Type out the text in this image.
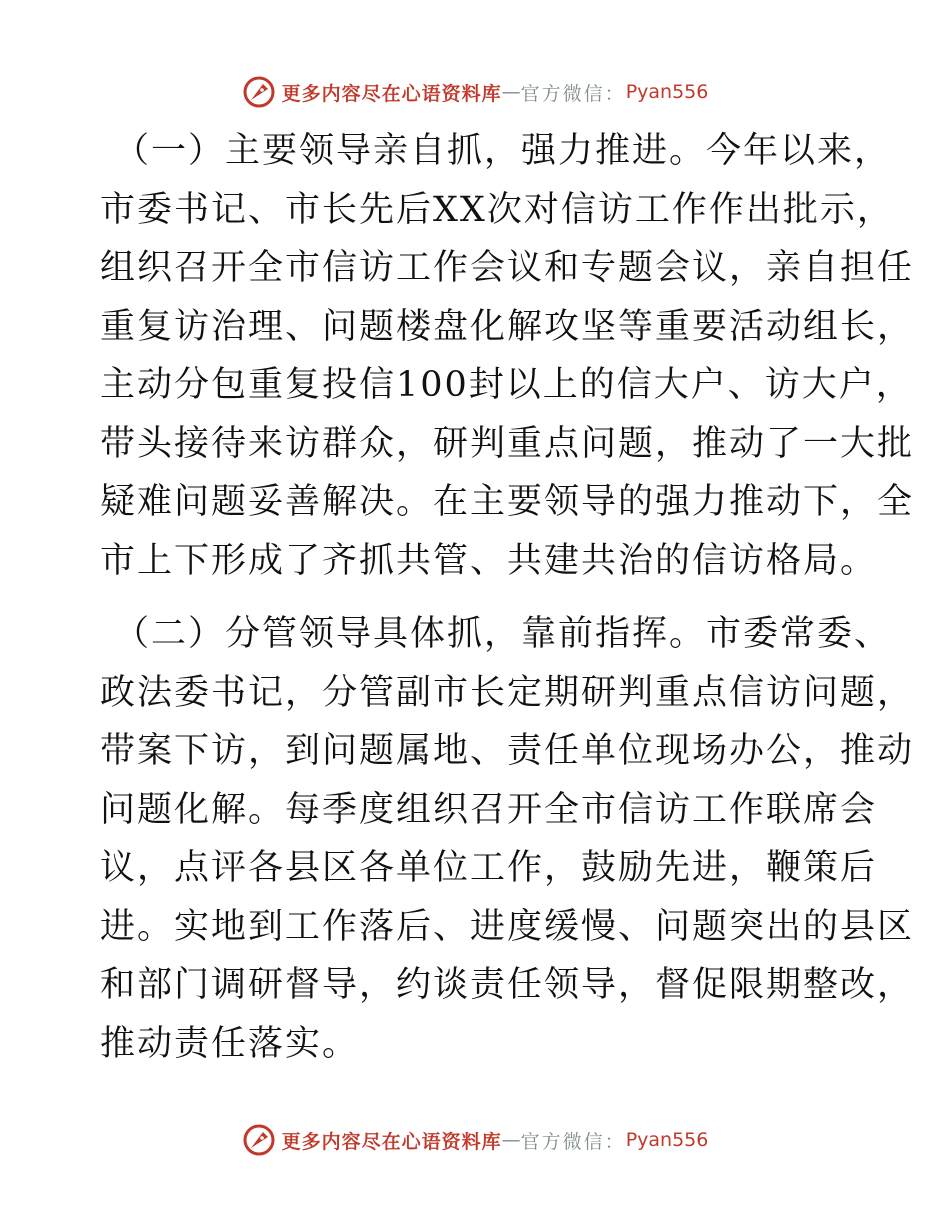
更多内容尽在心语资料库 — 官方微信： Pyan556

（一）主要领导亲自抓，强力推进。今年以来，
市委书记、市长先后XX次对信访工作作出批示，
组织召开全市信访工作会议和专题会议，亲自担任
重复访治理、问题楼盘化解攻坚等重要活动组长，
主动分包重复投信100封以上的信大户、访大户，
带头接待来访群众，研判重点问题，推动了一大批
疑难问题妥善解决。在主要领导的强力推动下，全
市上下形成了齐抓共管、共建共治的信访格局。

（二）分管领导具体抓，靠前指挥。市委常委、
政法委书记，分管副市长定期研判重点信访问题，
带案下访，到问题属地、责任单位现场办公，推动
问题化解。每季度组织召开全市信访工作联席会
议，点评各县区各单位工作，鼓励先进，鞭策后
进。实地到工作落后、进度缓慢、问题突出的县区
和部门调研督导，约谈责任领导，督促限期整改，
推动责任落实。

更多内容尽在心语资料库 — 官方微信： Pyan556
